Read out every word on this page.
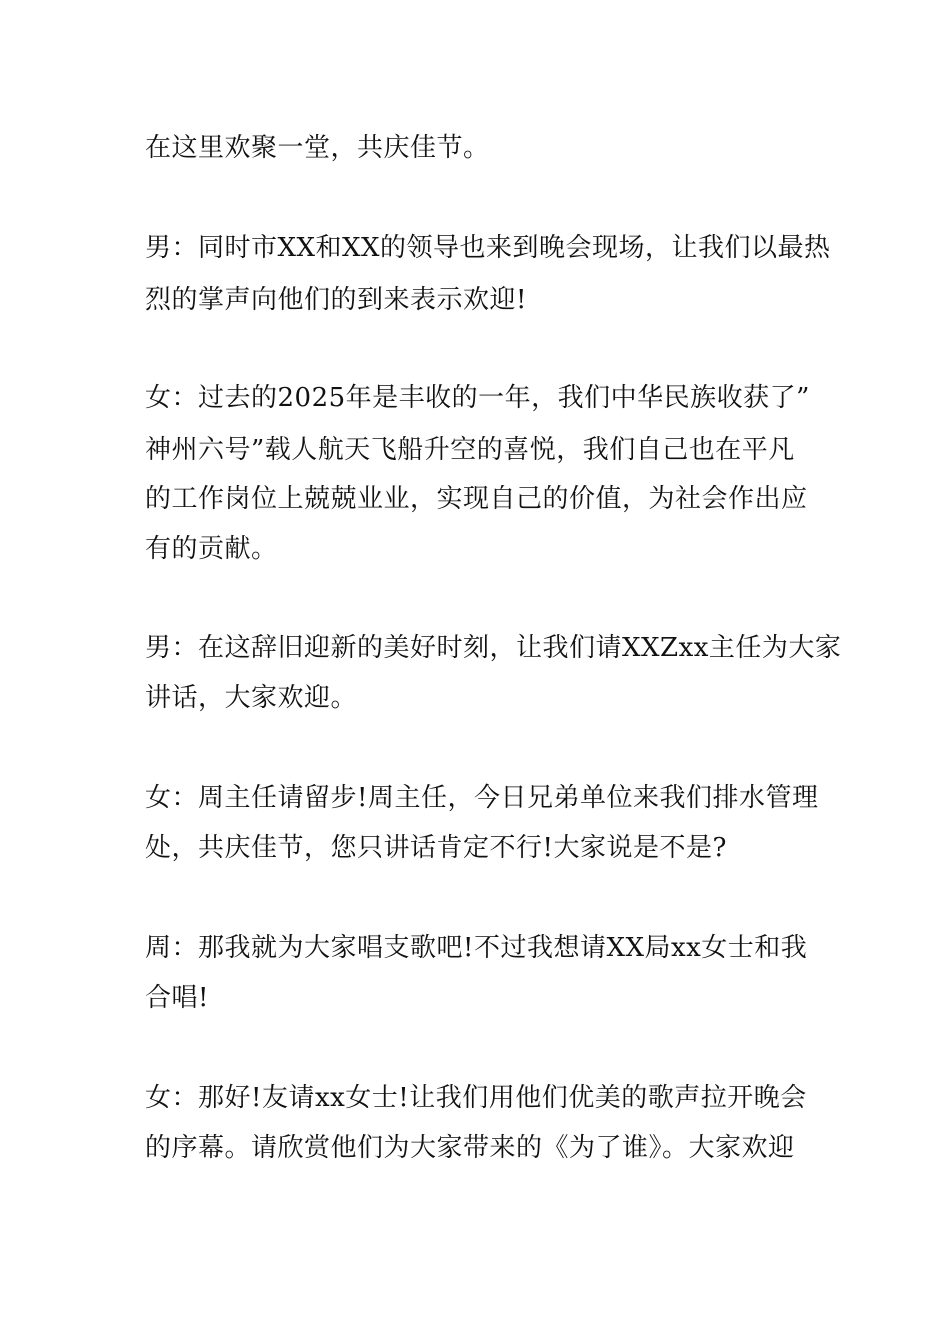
在这里欢聚一堂，共庆佳节。
男：同时市XX和XX的领导也来到晚会现场，让我们以最热
烈的掌声向他们的到来表示欢迎!
女：过去的2025年是丰收的一年，我们中华民族收获了”
神州六号”载人航天飞船升空的喜悦，我们自己也在平凡
的工作岗位上兢兢业业，实现自己的价值，为社会作出应
有的贡献。
男：在这辞旧迎新的美好时刻，让我们请XXZxx主任为大家
讲话，大家欢迎。
女：周主任请留步!周主任，今日兄弟单位来我们排水管理
处，共庆佳节，您只讲话肯定不行!大家说是不是?
周：那我就为大家唱支歌吧!不过我想请XX局xx女士和我
合唱!
女：那好!友请xx女士!让我们用他们优美的歌声拉开晚会
的序幕。请欣赏他们为大家带来的《为了谁》。大家欢迎
